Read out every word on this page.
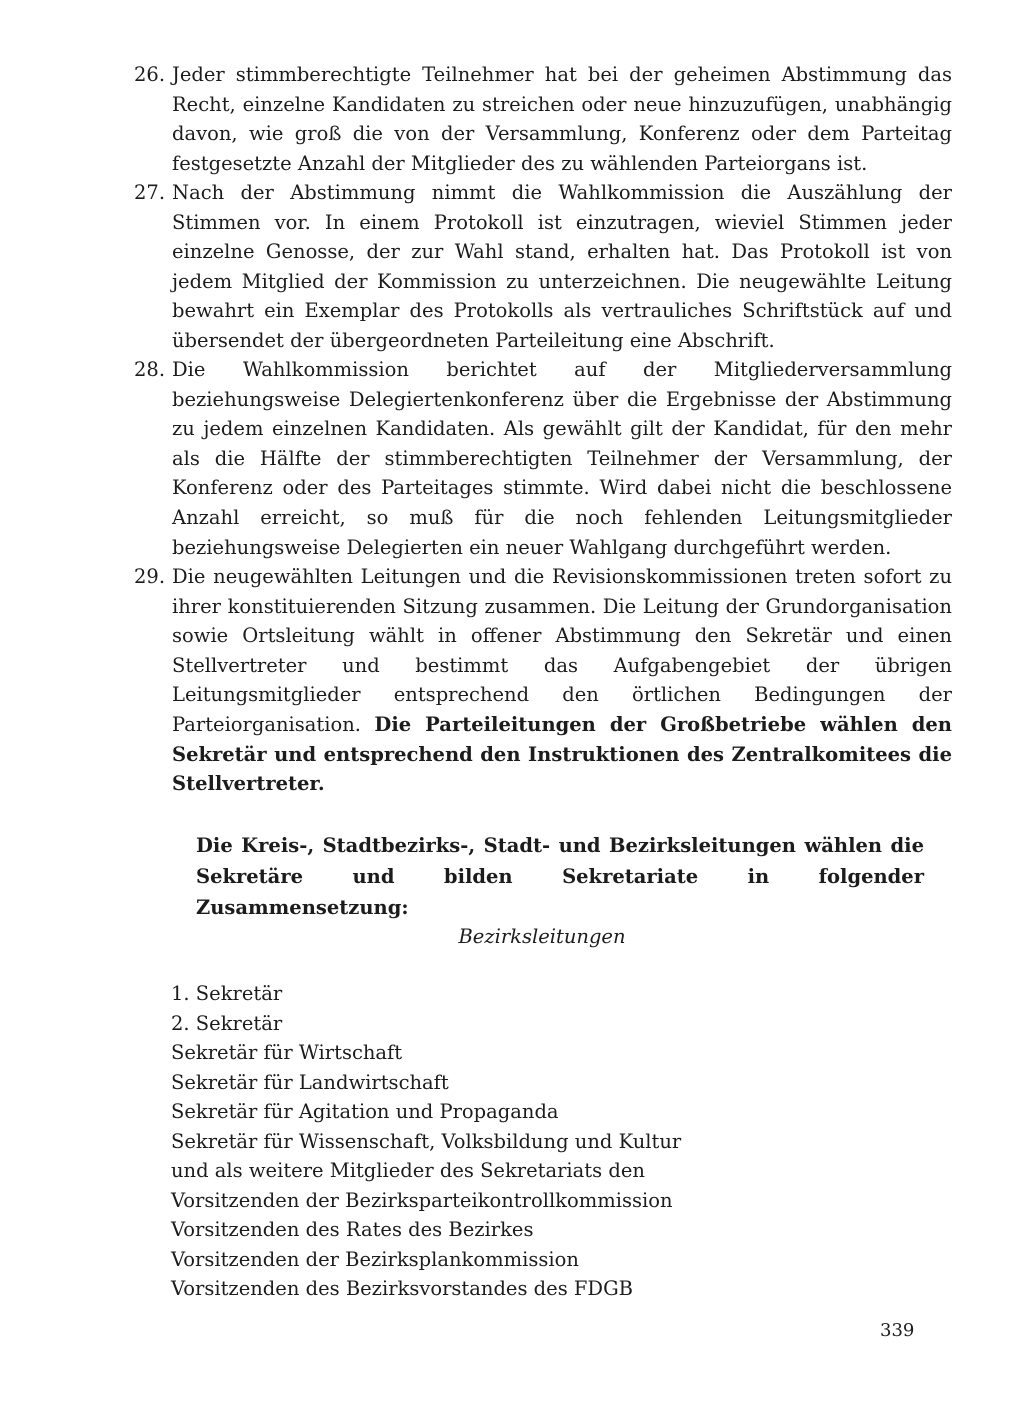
26. Jeder stimmberechtigte Teilnehmer hat bei der geheimen Abstimmung das Recht, einzelne Kandidaten zu streichen oder neue hinzuzufügen, unabhängig davon, wie groß die von der Versammlung, Konferenz oder dem Parteitag festgesetzte Anzahl der Mitglieder des zu wählenden Parteiorgans ist.
27. Nach der Abstimmung nimmt die Wahlkommission die Auszählung der Stimmen vor. In einem Protokoll ist einzutragen, wieviel Stimmen jeder einzelne Genosse, der zur Wahl stand, erhalten hat. Das Protokoll ist von jedem Mitglied der Kommission zu unterzeichnen. Die neugewählte Leitung bewahrt ein Exemplar des Protokolls als vertrauliches Schriftstück auf und übersendet der übergeordneten Parteileitung eine Abschrift.
28. Die Wahlkommission berichtet auf der Mitgliederversammlung beziehungsweise Delegiertenkonferenz über die Ergebnisse der Abstimmung zu jedem einzelnen Kandidaten. Als gewählt gilt der Kandidat, für den mehr als die Hälfte der stimmberechtigten Teilnehmer der Versammlung, der Konferenz oder des Parteitages stimmte. Wird dabei nicht die beschlossene Anzahl erreicht, so muß für die noch fehlenden Leitungsmitglieder beziehungsweise Delegierten ein neuer Wahlgang durchgeführt werden.
29. Die neugewählten Leitungen und die Revisionskommissionen treten sofort zu ihrer konstituierenden Sitzung zusammen. Die Leitung der Grundorganisation sowie Ortsleitung wählt in offener Abstimmung den Sekretär und einen Stellvertreter und bestimmt das Aufgabengebiet der übrigen Leitungsmitglieder entsprechend den örtlichen Bedingungen der Parteiorganisation. Die Parteileitungen der Großbetriebe wählen den Sekretär und entsprechend den Instruktionen des Zentralkomitees die Stellvertreter.
Die Kreis-, Stadtbezirks-, Stadt- und Bezirksleitungen wählen die Sekretäre und bilden Sekretariate in folgender Zusammensetzung:
Bezirksleitungen
1. Sekretär
2. Sekretär
Sekretär für Wirtschaft
Sekretär für Landwirtschaft
Sekretär für Agitation und Propaganda
Sekretär für Wissenschaft, Volksbildung und Kultur
und als weitere Mitglieder des Sekretariats den
Vorsitzenden der Bezirksparteikontrollkommission
Vorsitzenden des Rates des Bezirkes
Vorsitzenden der Bezirksplankommission
Vorsitzenden des Bezirksvorstandes des FDGB
339
